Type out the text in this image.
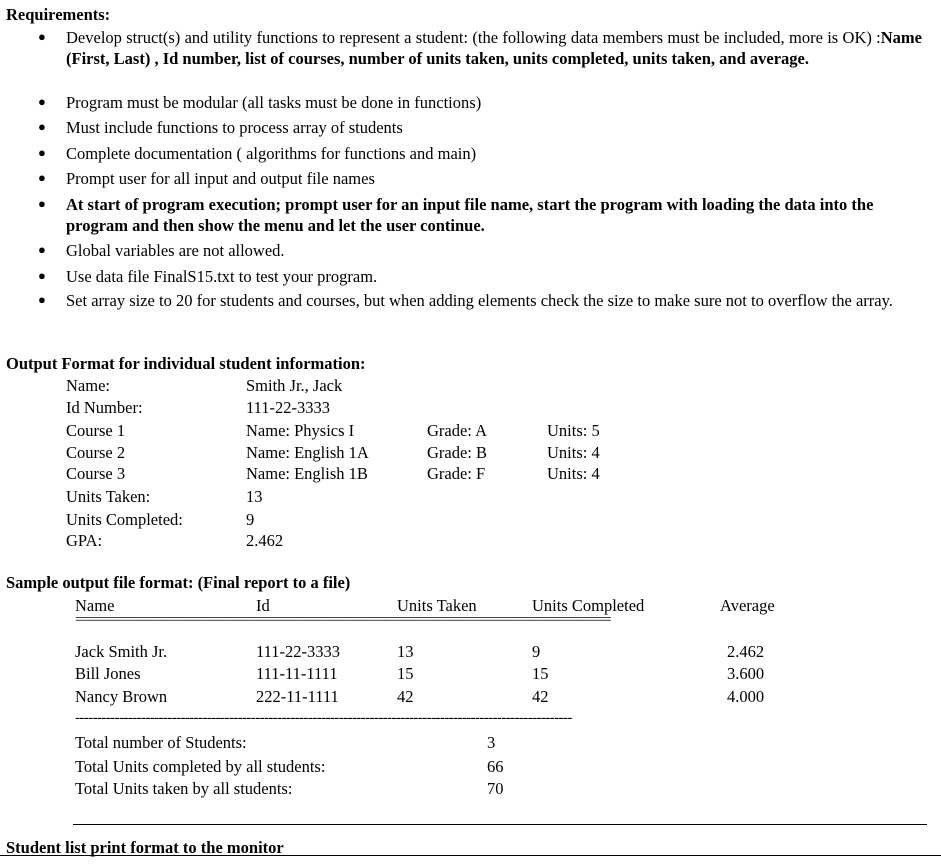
Requirements:
● Develop struct(s) and utility functions to represent a student: (the following data members must be included, more is OK) :Name (First, Last) , Id number, list of courses, number of units taken, units completed, units taken, and average.
● Program must be modular (all tasks must be done in functions)
● Must include functions to process array of students
● Complete documentation ( algorithms for functions and main)
● Prompt user for all input and output file names
● At start of program execution; prompt user for an input file name, start the program with loading the data into the program and then show the menu and let the user continue.
● Global variables are not allowed.
● Use data file FinalS15.txt to test your program.
● Set array size to 20 for students and courses, but when adding elements check the size to make sure not to overflow the array.
Output Format for individual student information:
Name:	Smith Jr., Jack
Id Number:	111-22-3333
Course 1	Name: Physics I	Grade: A	Units: 5
Course 2	Name: English 1A	Grade: B	Units: 4
Course 3	Name: English 1B	Grade: F	Units: 4
Units Taken:	13
Units Completed:	9
GPA:	2.462
Sample output file format: (Final report to a file)
Name	Id	Units Taken	Units Completed	Average
==============================================================================
Jack Smith Jr.	111-22-3333	13	9	2.462
Bill Jones	111-11-1111	15	15	3.600
Nancy Brown	222-11-1111	42	42	4.000
-----------------------------------------------------------------------------------------------------------------
Total number of Students:	3
Total Units completed by all students:	66
Total Units taken by all students:	70
Student list print format to the monitor
